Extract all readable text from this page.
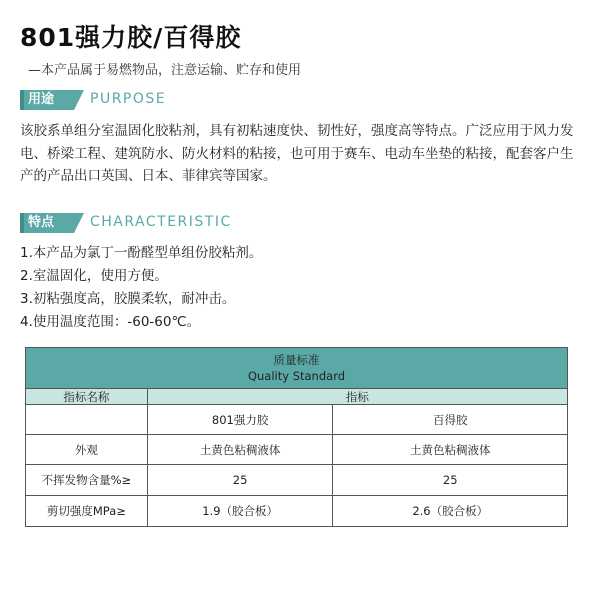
801强力胶/百得胶
—本产品属于易燃物品，注意运输、贮存和使用
用途	PURPOSE
该胶系单组分室温固化胶粘剂，具有初粘速度快、韧性好，强度高等特点。广泛应用于风力发电、桥梁工程、建筑防水、防火材料的粘接，也可用于赛车、电动车坐垫的粘接，配套客户生产的产品出口英国、日本、菲律宾等国家。
特点	CHARACTERISTIC
1.本产品为氯丁一酚醛型单组份胶粘剂。
2.室温固化，使用方便。
3.初粘强度高，胶膜柔软，耐冲击。
4.使用温度范围：-60-60℃。
质量标准
Quality Standard		

指标名称	指标	
	801强力胶	百得胶
外观	土黄色粘稠液体	土黄色粘稠液体
不挥发物含量%≥	25	25
剪切强度MPa≥	1.9（胶合板）	2.6（胶合板）
